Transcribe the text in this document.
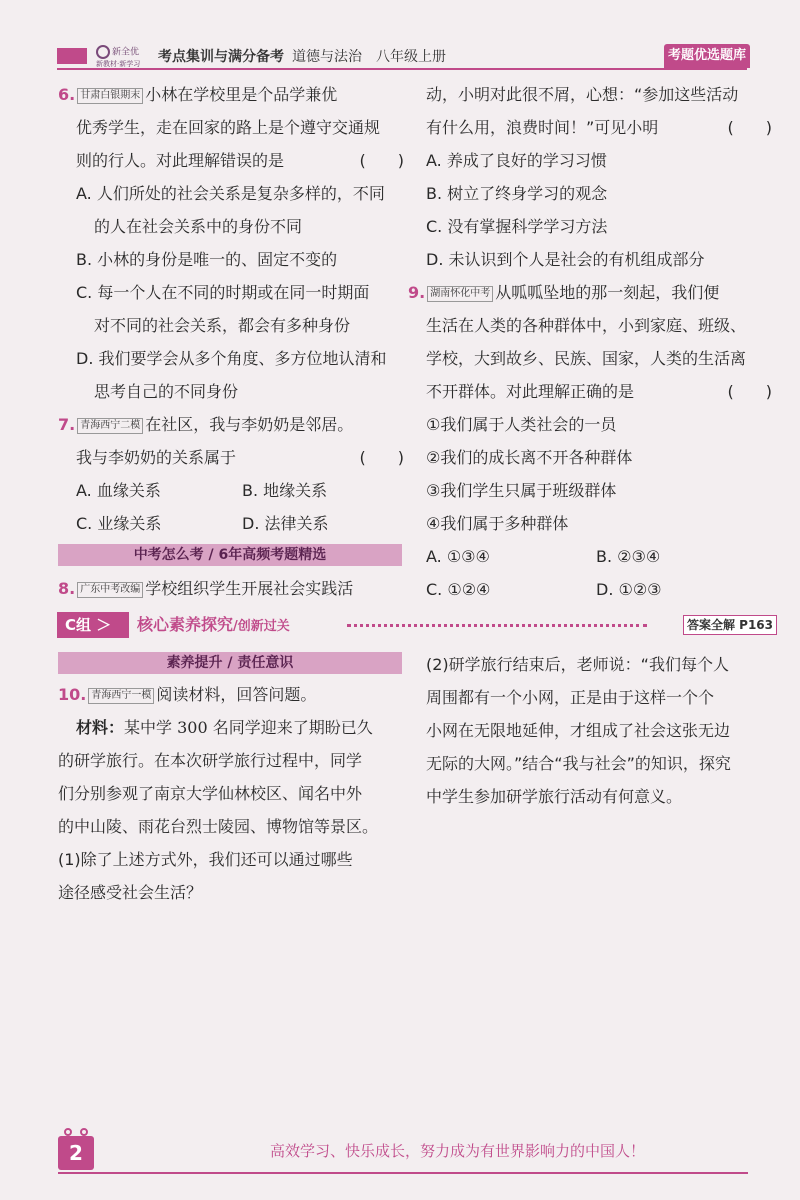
新全优
新教材·新学习	考点集训与满分备考 道德与法治　八年级上册	考题优选题库
6. 甘肃白银期末 小林在学校里是个品学兼优
优秀学生，走在回家的路上是个遵守交通规
则的行人。对此理解错误的是	(　　)
A. 人们所处的社会关系是复杂多样的，不同
的人在社会关系中的身份不同
B. 小林的身份是唯一的、固定不变的
C. 每一个人在不同的时期或在同一时期面
对不同的社会关系，都会有多种身份
D. 我们要学会从多个角度、多方位地认清和
思考自己的不同身份
7. 青海西宁二模 在社区，我与李奶奶是邻居。
我与李奶奶的关系属于	(　　)
A. 血缘关系	B. 地缘关系
C. 业缘关系	D. 法律关系
中考怎么考 / 6年高频考题精选
8. 广东中考改编 学校组织学生开展社会实践活
动，小明对此很不屑，心想：“参加这些活动
有什么用，浪费时间！”可见小明	(　　)
A. 养成了良好的学习习惯
B. 树立了终身学习的观念
C. 没有掌握科学学习方法
D. 未认识到个人是社会的有机组成部分
9. 湖南怀化中考 从呱呱坠地的那一刻起，我们便
生活在人类的各种群体中，小到家庭、班级、
学校，大到故乡、民族、国家，人类的生活离
不开群体。对此理解正确的是	(　　)
①我们属于人类社会的一员
②我们的成长离不开各种群体
③我们学生只属于班级群体
④我们属于多种群体
A. ①③④	B. ②③④
C. ①②④	D. ①②③
C组 ＞	核心素养探究/创新过关	答案全解 P163
素养提升 / 责任意识
10. 青海西宁一模 阅读材料，回答问题。
材料：某中学 300 名同学迎来了期盼已久
的研学旅行。在本次研学旅行过程中，同学
们分别参观了南京大学仙林校区、闻名中外
的中山陵、雨花台烈士陵园、博物馆等景区。
(1)除了上述方式外，我们还可以通过哪些
途径感受社会生活？
(2)研学旅行结束后，老师说：“我们每个人
周围都有一个小网，正是由于这样一个个
小网在无限地延伸，才组成了社会这张无边
无际的大网。”结合“我与社会”的知识，探究
中学生参加研学旅行活动有何意义。
2	高效学习、快乐成长，努力成为有世界影响力的中国人！
